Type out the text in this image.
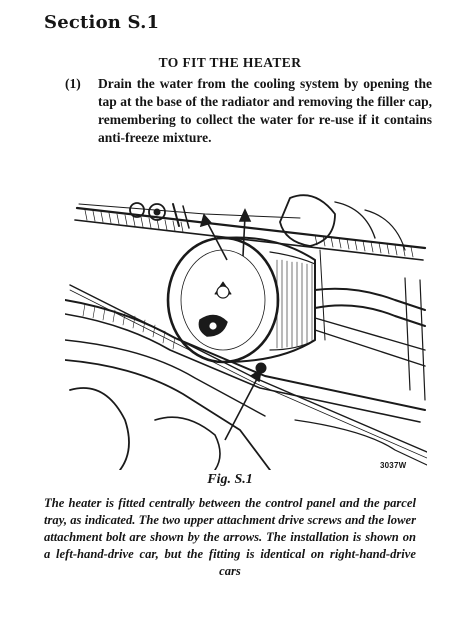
Section S.1
TO FIT THE HEATER
(1)	Drain the water from the cooling system by opening the tap at the base of the radiator and removing the filler cap, remembering to collect the water for re-use if it contains anti-freeze mixture.
3037W
Fig. S.1
The heater is fitted centrally between the control panel and the parcel tray, as indicated. The two upper attachment drive screws and the lower attachment bolt are shown by the arrows. The installation is shown on a left-hand-drive car, but the fitting is identical on right-hand-drive cars
